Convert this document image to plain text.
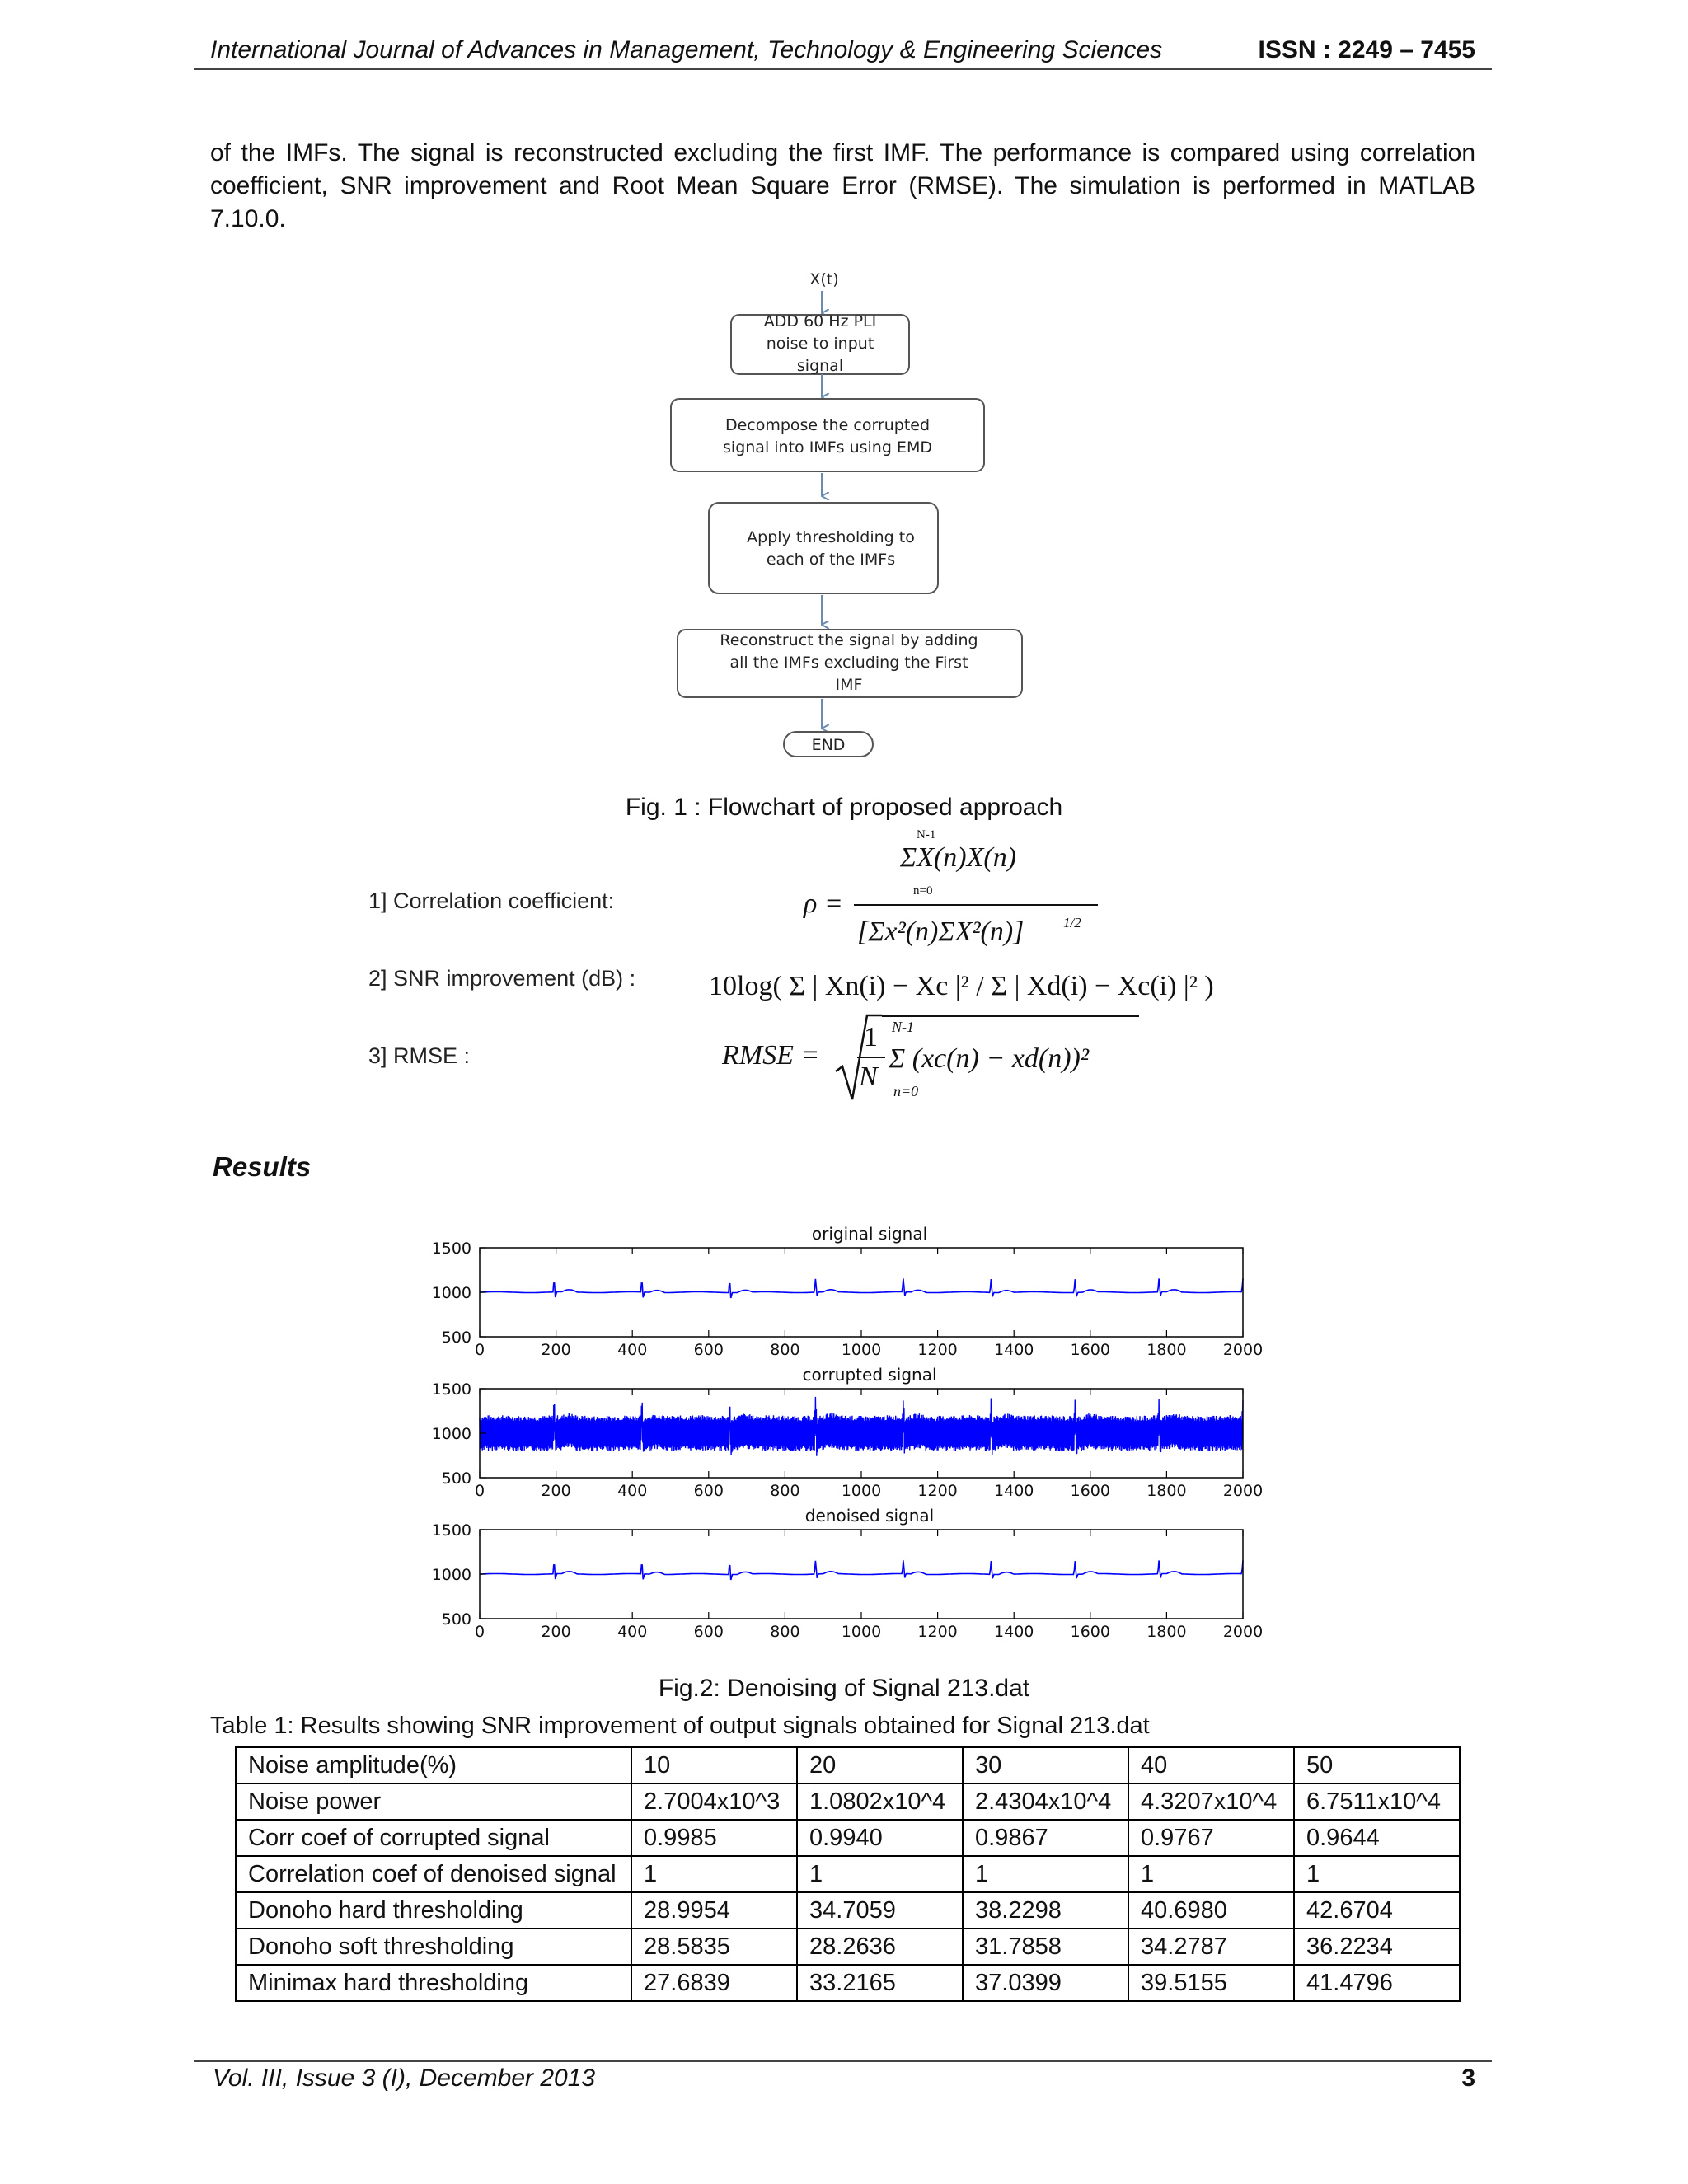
International Journal of Advances in Management, Technology & Engineering Sciences	ISSN : 2249 – 7455
of the IMFs. The signal is reconstructed excluding the first IMF. The performance is compared using correlation coefficient, SNR improvement and Root Mean Square Error (RMSE). The simulation is performed in MATLAB 7.10.0.
X(t)
ADD 60 Hz PLI
noise to input
signal
Decompose the corrupted
signal into IMFs using EMD
Apply thresholding to
each of the IMFs
Reconstruct the signal by adding
all the IMFs excluding the First
IMF
END
Fig. 1 : Flowchart of proposed approach
1] Correlation coefficient:
2] SNR improvement (dB) :
3] RMSE :
ρ =
N-1
ΣX(n)X(n)
n=0
[Σx²(n)ΣX²(n)]	1/2
10log( Σ | Xn(i) − Xc |² / Σ | Xd(i) − Xc(i) |² )
RMSE =
1
N
N-1
Σ (xc(n) − xd(n))²
n=0
Results
original signal
0	200	400	600	800	1000 1200 1400 1600 1800 2000
1500
1000
500
corrupted signal
0	200	400	600	800	1000 1200 1400 1600 1800 2000
1500
1000
500
denoised signal
0	200	400	600	800	1000 1200 1400 1600 1800 2000
1500
1000
500
Fig.2: Denoising of Signal 213.dat
Table 1: Results showing SNR improvement of output signals obtained for Signal 213.dat
Noise amplitude(%)	10	20	30	40	50
Noise power	2.7004x10^3	1.0802x10^4	2.4304x10^4	4.3207x10^4	6.7511x10^4
Corr coef of corrupted signal	0.9985	0.9940	0.9867	0.9767	0.9644
Correlation coef of denoised signal	1	1	1	1	1
Donoho hard thresholding	28.9954	34.7059	38.2298	40.6980	42.6704
Donoho soft thresholding	28.5835	28.2636	31.7858	34.2787	36.2234
Minimax hard thresholding	27.6839	33.2165	37.0399	39.5155	41.4796
Vol. III, Issue 3 (I), December 2013	3
